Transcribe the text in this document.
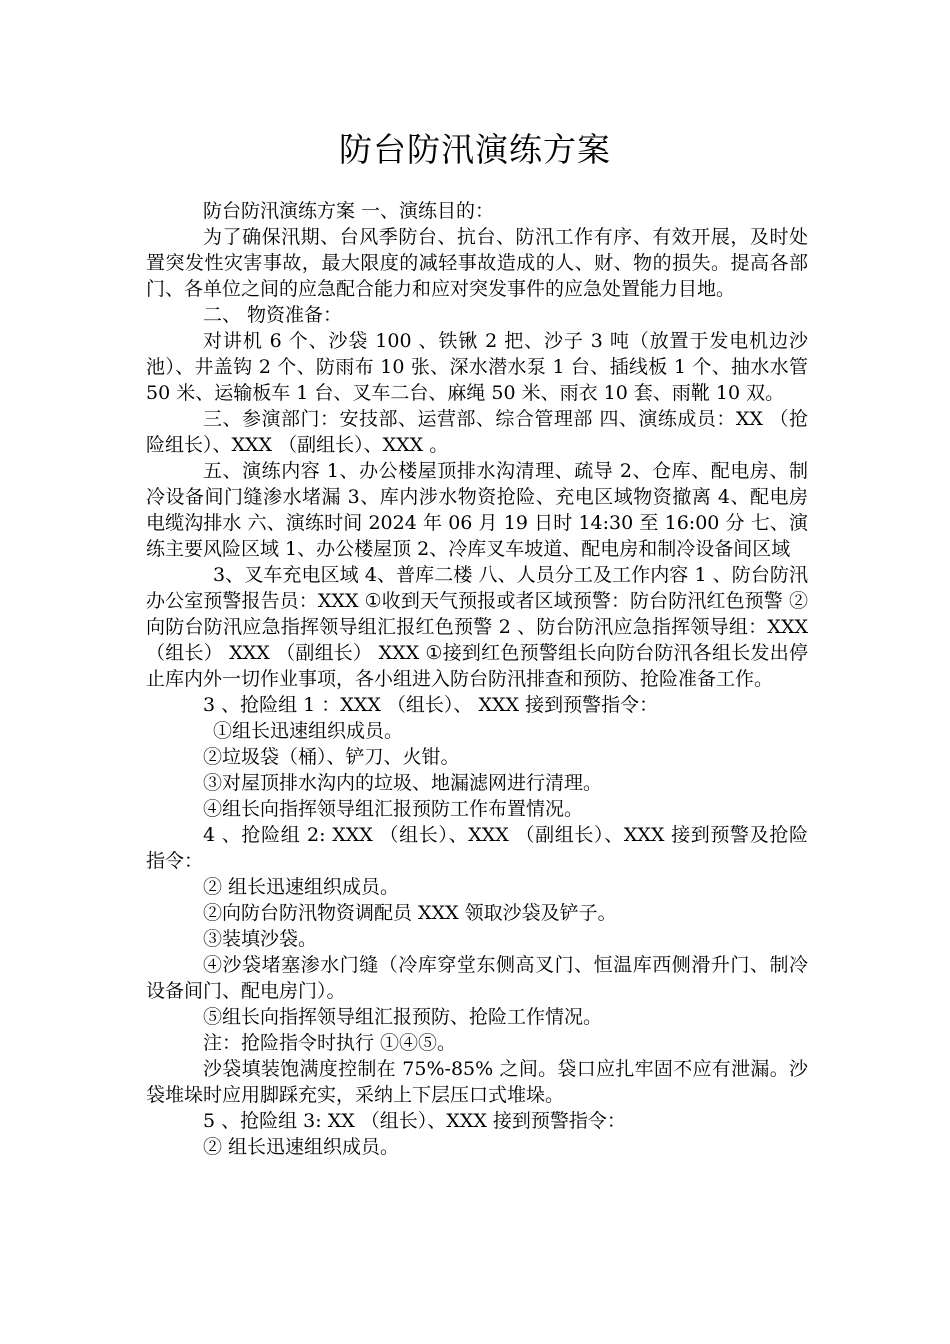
防台防汛演练方案

防台防汛演练方案 一、演练目的：

为了确保汛期、台风季防台、抗台、防汛工作有序、有效开展，及时处置突发性灾害事故，最大限度的减轻事故造成的人、财、物的损失。提高各部门、各单位之间的应急配合能力和应对突发事件的应急处置能力目地。

二、 物资准备：

对讲机 6 个、沙袋 100 、铁锹 2 把、沙子 3 吨（放置于发电机边沙池）、井盖钩 2 个、防雨布 10 张、深水潜水泵 1 台、插线板 1 个、抽水水管 50 米、运输板车 1 台、叉车二台、麻绳 50 米、雨衣 10 套、雨靴 10 双。

三、参演部门：安技部、运营部、综合管理部 四、演练成员：XX （抢险组长）、XXX （副组长）、XXX 。

五、演练内容 1、办公楼屋顶排水沟清理、疏导 2、仓库、配电房、制冷设备间门缝渗水堵漏 3、库内涉水物资抢险、充电区域物资撤离 4、配电房电缆沟排水 六、演练时间 2024 年 06 月 19 日时 14:30 至 16:00 分 七、演练主要风险区域 1、办公楼屋顶 2、冷库叉车坡道、配电房和制冷设备间区域

3、叉车充电区域 4、普库二楼 八、人员分工及工作内容 1 、防台防汛办公室预警报告员：XXX ①收到天气预报或者区域预警：防台防汛红色预警 ②向防台防汛应急指挥领导组汇报红色预警 2 、防台防汛应急指挥领导组：XXX （组长） XXX （副组长） XXX ①接到红色预警组长向防台防汛各组长发出停止库内外一切作业事项，各小组进入防台防汛排查和预防、抢险准备工作。

3 、抢险组 1 ：XXX （组长）、 XXX 接到预警指令：

①组长迅速组织成员。

②垃圾袋（桶）、铲刀、火钳。

③对屋顶排水沟内的垃圾、地漏滤网进行清理。

④组长向指挥领导组汇报预防工作布置情况。

4 、抢险组 2: XXX （组长）、XXX （副组长）、XXX 接到预警及抢险指令：

② 组长迅速组织成员。

②向防台防汛物资调配员 XXX 领取沙袋及铲子。

③装填沙袋。

④沙袋堵塞渗水门缝（冷库穿堂东侧高叉门、恒温库西侧滑升门、制冷设备间门、配电房门）。

⑤组长向指挥领导组汇报预防、抢险工作情况。

注：抢险指令时执行 ①④⑤。

沙袋填装饱满度控制在 75%-85% 之间。袋口应扎牢固不应有泄漏。沙袋堆垛时应用脚踩充实，采纳上下层压口式堆垛。

5 、抢险组 3: XX （组长）、XXX 接到预警指令：

② 组长迅速组织成员。
